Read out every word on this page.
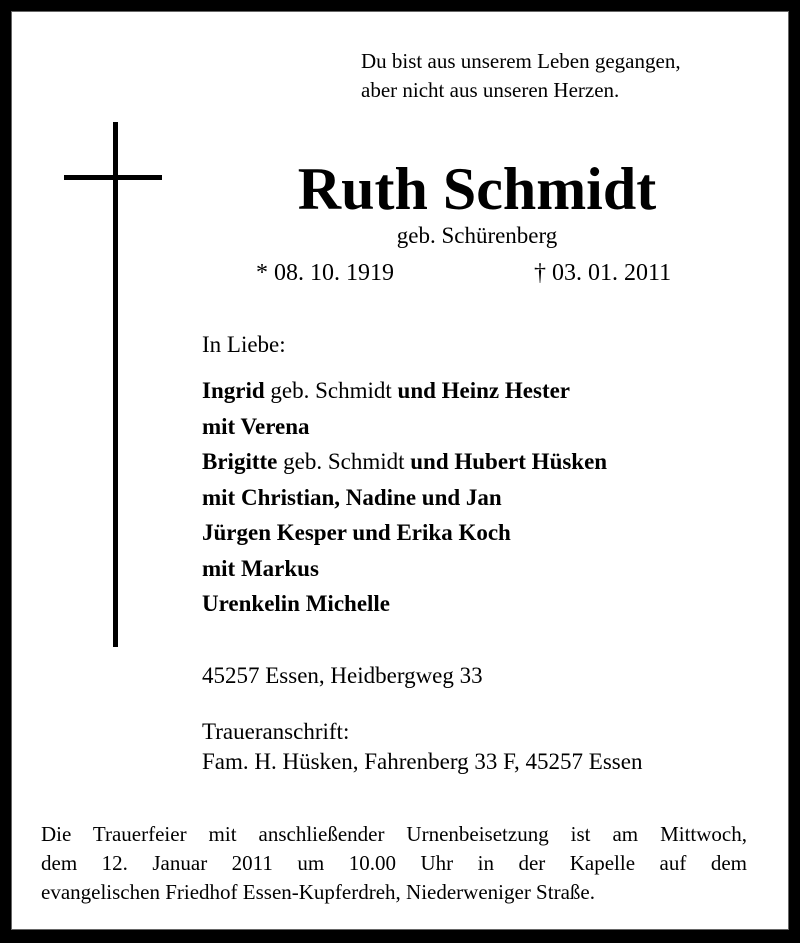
Du bist aus unserem Leben gegangen,
aber nicht aus unseren Herzen.
Ruth Schmidt
geb. Schürenberg
* 08. 10. 1919	† 03. 01. 2011
In Liebe:
Ingrid geb. Schmidt und Heinz Hester
mit Verena
Brigitte geb. Schmidt und Hubert Hüsken
mit Christian, Nadine und Jan
Jürgen Kesper und Erika Koch
mit Markus
Urenkelin Michelle
45257 Essen, Heidbergweg 33
Traueranschrift:
Fam. H. Hüsken, Fahrenberg 33 F, 45257 Essen
Die Trauerfeier mit anschließender Urnenbeisetzung ist am Mittwoch,
dem 12. Januar 2011 um 10.00 Uhr in der Kapelle auf dem
evangelischen Friedhof Essen-Kupferdreh, Niederweniger Straße.
